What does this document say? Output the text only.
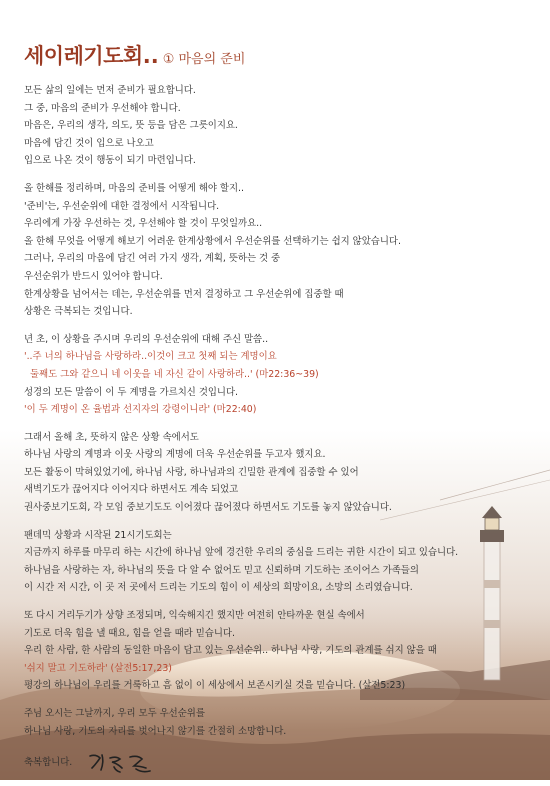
세이레기도회 .. ① 마음의 준비
모든 삶의 일에는 먼저 준비가 필요합니다.
그 중, 마음의 준비가 우선해야 합니다.
마음은, 우리의 생각, 의도, 뜻 등을 담은 그릇이지요.
마음에 담긴 것이 입으로 나오고
입으로 나온 것이 행동이 되기 마련입니다.
올 한해를 정리하며, 마음의 준비를 어떻게 해야 할지..
'준비'는, 우선순위에 대한 결정에서 시작됩니다.
우리에게 가장 우선하는 것, 우선해야 할 것이 무엇일까요..
올 한해 무엇을 어떻게 해보기 어려운 한계상황에서 우선순위를 선택하기는 쉽지 않았습니다.
그러나, 우리의 마음에 담긴 여러 가지 생각, 계획, 뜻하는 것 중
우선순위가 반드시 있어야 합니다.
한계상황을 넘어서는 데는, 우선순위를 먼저 결정하고 그 우선순위에 집중할 때
상황은 극복되는 것입니다.
년 초, 이 상황을 주시며 우리의 우선순위에 대해 주신 말씀..
'..주 너의 하나님을 사랑하라..이것이 크고 첫째 되는 계명이요
둘째도 그와 같으니 네 이웃을 네 자신 같이 사랑하라..' (마22:36~39)
성경의 모든 말씀이 이 두 계명을 가르치신 것입니다.
'이 두 계명이 온 율법과 선지자의 강령이니라' (마22:40)
그래서 올해 초, 뜻하지 않은 상황 속에서도
하나님 사랑의 계명과 이웃 사랑의 계명에 더욱 우선순위를 두고자 했지요.
모든 활동이 막혀있었기에, 하나님 사랑, 하나님과의 긴밀한 관계에 집중할 수 있어
새벽기도가 끊어지다 이어지다 하면서도 계속 되었고
권사중보기도회, 각 모임 중보기도도 이어졌다 끊어졌다 하면서도 기도를 놓지 않았습니다.
팬데믹 상황과 시작된 21시기도회는
지금까지 하루를 마무리 하는 시간에 하나님 앞에 경건한 우리의 중심을 드리는 귀한 시간이 되고 있습니다.
하나님을 사랑하는 자, 하나님의 뜻을 다 알 수 없어도 믿고 신뢰하며 기도하는 조이어스 가족들의
이 시간 저 시간, 이 곳 저 곳에서 드리는 기도의 힘이 이 세상의 희망이요, 소망의 소리였습니다.
또 다시 거리두기가 상향 조정되며, 익숙해지긴 했지만 여전히 안타까운 현실 속에서
기도로 더욱 힘을 낼 때요, 힘을 얻을 때라 믿습니다.
우리 한 사람, 한 사람의 동일한 마음이 담고 있는 우선순위.. 하나님 사랑, 기도의 관계를 쉬지 않을 때
'쉬지 말고 기도하라' (살전5:17,23)
평강의 하나님이 우리를 거룩하고 흠 없이 이 세상에서 보존시키실 것을 믿습니다. (살전5:23)
주님 오시는 그날까지, 우리 모두 우선순위를
하나님 사랑, 기도의 자리를 벗어나지 않기를 간절히 소망합니다.
축복합니다.
